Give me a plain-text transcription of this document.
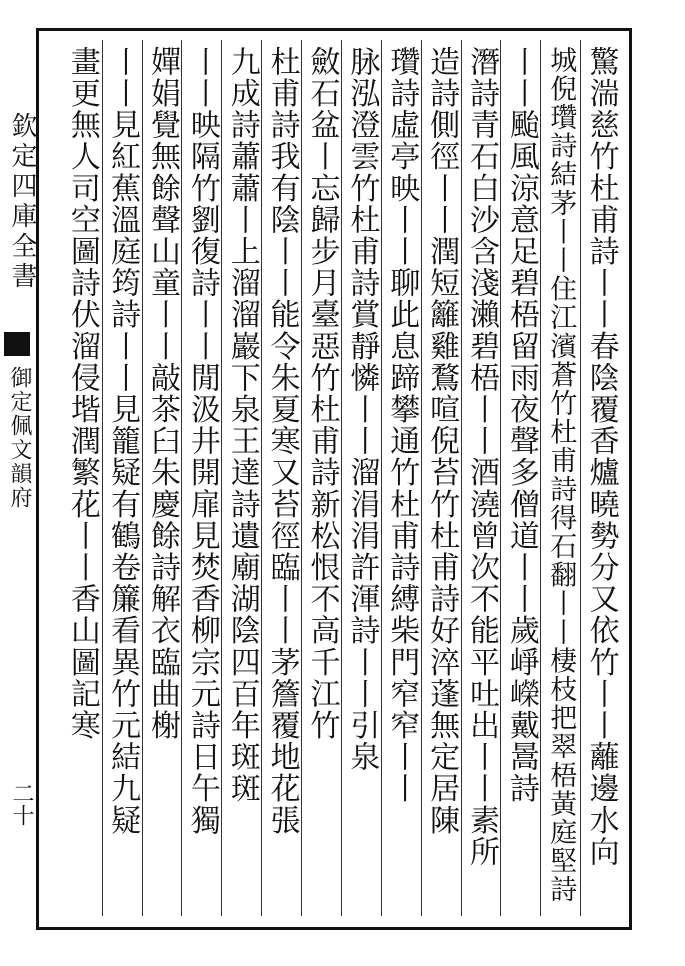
欽定四庫全書
御定佩文韻府
二十	驚湍慈竹杜甫詩丨丨春陰覆香爐曉勢分又依竹丨丨蘺邊水向
城倪瓚詩結茅丨丨住江濱蒼竹杜甫詩得石翻丨丨棲枝把翠梧黃庭堅詩
丨丨颱風涼意足碧梧留雨夜聲多僧道丨丨歲崢嶸戴暠詩
潛詩青石白沙含淺瀨碧梧丨丨酒澆曾次不能平吐出丨丨素所
造詩側徑丨丨潤短籬雞鶩喧倪苔竹杜甫詩好淬蓬無定居陳
瓚詩虛亭映丨丨聊此息蹄攀通竹杜甫詩縛柴門窄窄丨丨
脉泓澄雲竹杜甫詩賞靜憐丨丨溜涓涓許渾詩丨丨引泉
斂石盆丨忘歸步月臺惡竹杜甫詩新松恨不高千江竹
杜甫詩我有陰丨丨能令朱夏寒又苔徑臨丨丨茅簷覆地花張
九成詩蕭蕭丨上溜溜巖下泉王達詩遺廟湖陰四百年斑斑
丨丨映隔竹劉復詩丨丨閒汲井開扉見焚香柳宗元詩日午獨
嬋娟覺無餘聲山童丨丨敲茶臼朱慶餘詩解衣臨曲榭
丨丨見紅蕉溫庭筠詩丨丨見籠疑有鶴卷簾看異竹元結九疑
畫更無人司空圖詩伏溜侵堦潤繁花丨丨香山圖記寒
